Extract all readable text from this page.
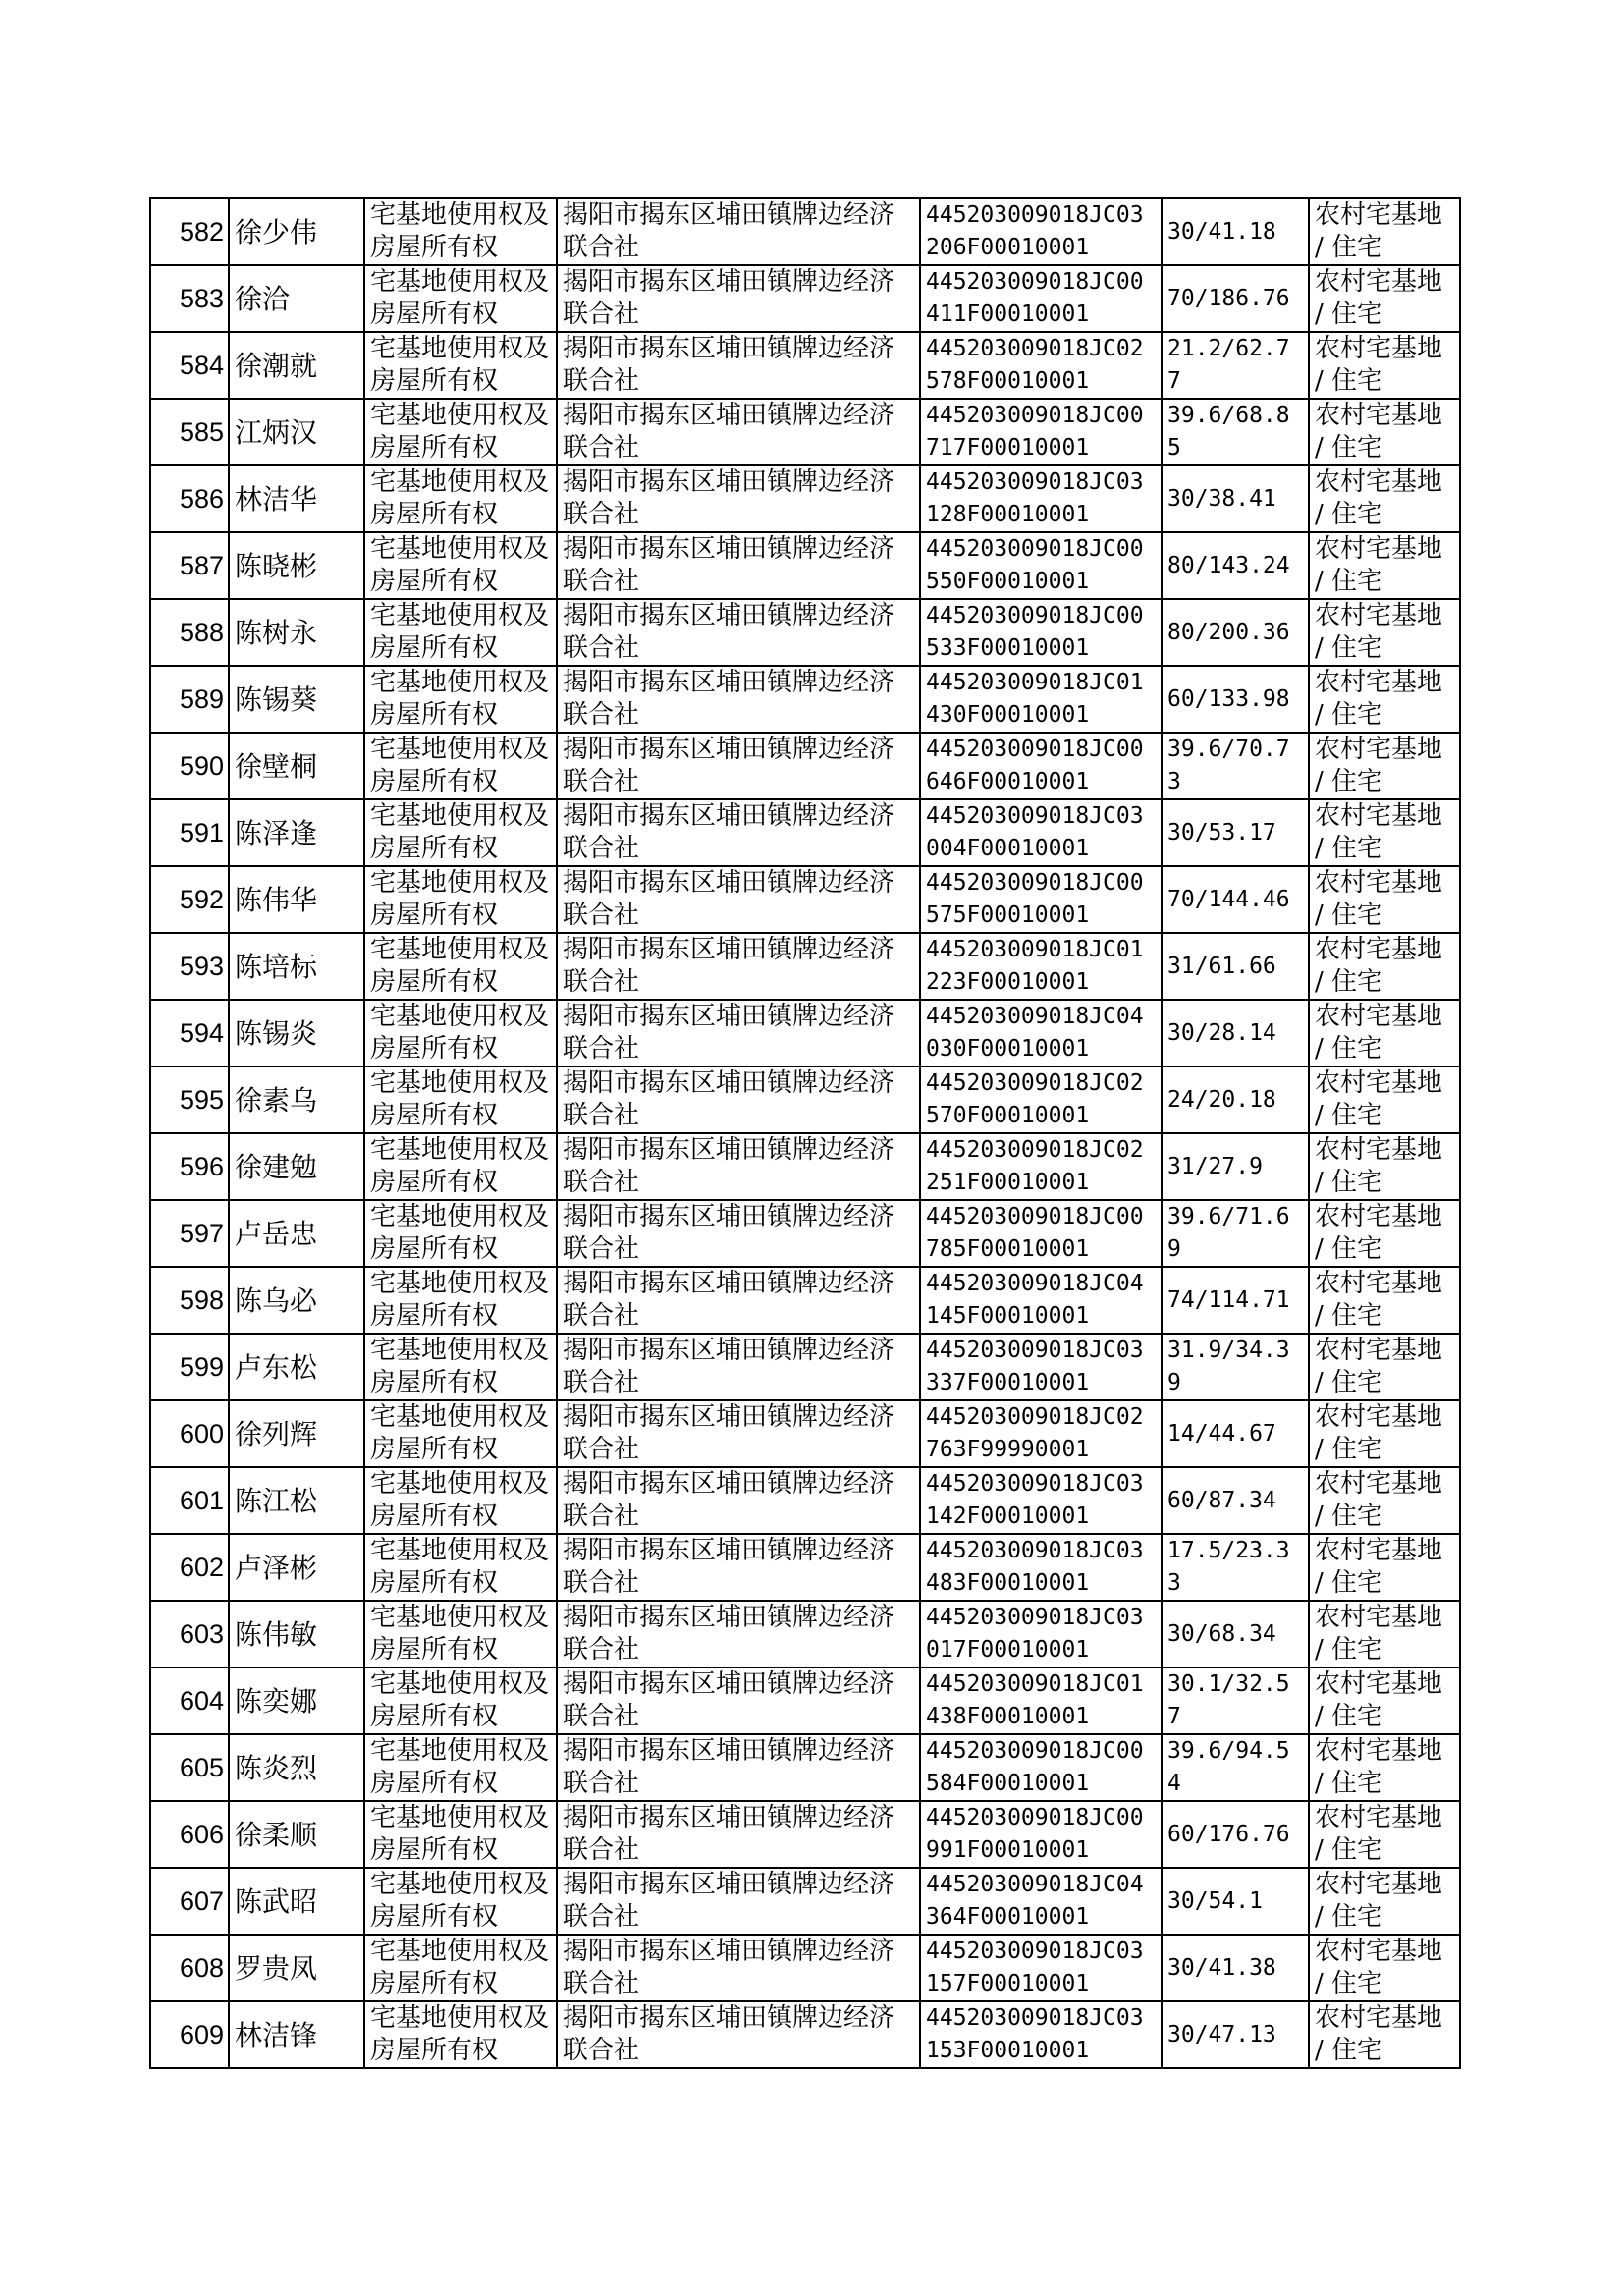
582	徐少伟	宅基地使用权及房屋所有权	揭阳市揭东区埔田镇牌边经济联合社	445203009018JC03206F00010001	30/41.18	农村宅基地 / 住宅
583	徐洽	宅基地使用权及房屋所有权	揭阳市揭东区埔田镇牌边经济联合社	445203009018JC00411F00010001	70/186.76	农村宅基地 / 住宅
584	徐潮就	宅基地使用权及房屋所有权	揭阳市揭东区埔田镇牌边经济联合社	445203009018JC02578F00010001	21.2/62.77	农村宅基地 / 住宅
585	江炳汉	宅基地使用权及房屋所有权	揭阳市揭东区埔田镇牌边经济联合社	445203009018JC00717F00010001	39.6/68.85	农村宅基地 / 住宅
586	林洁华	宅基地使用权及房屋所有权	揭阳市揭东区埔田镇牌边经济联合社	445203009018JC03128F00010001	30/38.41	农村宅基地 / 住宅
587	陈晓彬	宅基地使用权及房屋所有权	揭阳市揭东区埔田镇牌边经济联合社	445203009018JC00550F00010001	80/143.24	农村宅基地 / 住宅
588	陈树永	宅基地使用权及房屋所有权	揭阳市揭东区埔田镇牌边经济联合社	445203009018JC00533F00010001	80/200.36	农村宅基地 / 住宅
589	陈锡葵	宅基地使用权及房屋所有权	揭阳市揭东区埔田镇牌边经济联合社	445203009018JC01430F00010001	60/133.98	农村宅基地 / 住宅
590	徐壁桐	宅基地使用权及房屋所有权	揭阳市揭东区埔田镇牌边经济联合社	445203009018JC00646F00010001	39.6/70.73	农村宅基地 / 住宅
591	陈泽逢	宅基地使用权及房屋所有权	揭阳市揭东区埔田镇牌边经济联合社	445203009018JC03004F00010001	30/53.17	农村宅基地 / 住宅
592	陈伟华	宅基地使用权及房屋所有权	揭阳市揭东区埔田镇牌边经济联合社	445203009018JC00575F00010001	70/144.46	农村宅基地 / 住宅
593	陈培标	宅基地使用权及房屋所有权	揭阳市揭东区埔田镇牌边经济联合社	445203009018JC01223F00010001	31/61.66	农村宅基地 / 住宅
594	陈锡炎	宅基地使用权及房屋所有权	揭阳市揭东区埔田镇牌边经济联合社	445203009018JC04030F00010001	30/28.14	农村宅基地 / 住宅
595	徐素乌	宅基地使用权及房屋所有权	揭阳市揭东区埔田镇牌边经济联合社	445203009018JC02570F00010001	24/20.18	农村宅基地 / 住宅
596	徐建勉	宅基地使用权及房屋所有权	揭阳市揭东区埔田镇牌边经济联合社	445203009018JC02251F00010001	31/27.9	农村宅基地 / 住宅
597	卢岳忠	宅基地使用权及房屋所有权	揭阳市揭东区埔田镇牌边经济联合社	445203009018JC00785F00010001	39.6/71.69	农村宅基地 / 住宅
598	陈乌必	宅基地使用权及房屋所有权	揭阳市揭东区埔田镇牌边经济联合社	445203009018JC04145F00010001	74/114.71	农村宅基地 / 住宅
599	卢东松	宅基地使用权及房屋所有权	揭阳市揭东区埔田镇牌边经济联合社	445203009018JC03337F00010001	31.9/34.39	农村宅基地 / 住宅
600	徐列辉	宅基地使用权及房屋所有权	揭阳市揭东区埔田镇牌边经济联合社	445203009018JC02763F99990001	14/44.67	农村宅基地 / 住宅
601	陈江松	宅基地使用权及房屋所有权	揭阳市揭东区埔田镇牌边经济联合社	445203009018JC03142F00010001	60/87.34	农村宅基地 / 住宅
602	卢泽彬	宅基地使用权及房屋所有权	揭阳市揭东区埔田镇牌边经济联合社	445203009018JC03483F00010001	17.5/23.33	农村宅基地 / 住宅
603	陈伟敏	宅基地使用权及房屋所有权	揭阳市揭东区埔田镇牌边经济联合社	445203009018JC03017F00010001	30/68.34	农村宅基地 / 住宅
604	陈奕娜	宅基地使用权及房屋所有权	揭阳市揭东区埔田镇牌边经济联合社	445203009018JC01438F00010001	30.1/32.57	农村宅基地 / 住宅
605	陈炎烈	宅基地使用权及房屋所有权	揭阳市揭东区埔田镇牌边经济联合社	445203009018JC00584F00010001	39.6/94.54	农村宅基地 / 住宅
606	徐柔顺	宅基地使用权及房屋所有权	揭阳市揭东区埔田镇牌边经济联合社	445203009018JC00991F00010001	60/176.76	农村宅基地 / 住宅
607	陈武昭	宅基地使用权及房屋所有权	揭阳市揭东区埔田镇牌边经济联合社	445203009018JC04364F00010001	30/54.1	农村宅基地 / 住宅
608	罗贵凤	宅基地使用权及房屋所有权	揭阳市揭东区埔田镇牌边经济联合社	445203009018JC03157F00010001	30/41.38	农村宅基地 / 住宅
609	林洁锋	宅基地使用权及房屋所有权	揭阳市揭东区埔田镇牌边经济联合社	445203009018JC03153F00010001	30/47.13	农村宅基地 / 住宅
